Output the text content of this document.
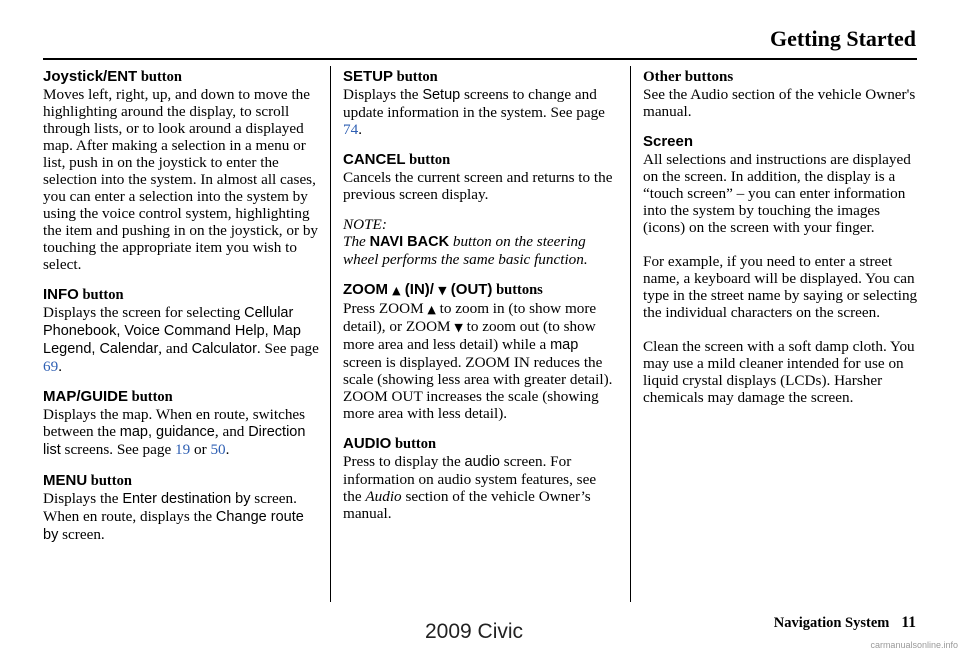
Getting Started
Joystick/ENT button

Moves left, right, up, and down to move the highlighting around the display, to scroll through lists, or to look around a displayed map. After making a selection in a menu or list, push in on the joystick to enter the selection into the system. In almost all cases, you can enter a selection into the system by using the voice control system, highlighting the item and pushing in on the joystick, or by touching the appropriate item you wish to select.

INFO button

Displays the screen for selecting Cellular Phonebook, Voice Command Help, Map Legend, Calendar, and Calculator. See page 69.

MAP/GUIDE button

Displays the map. When en route, switches between the map, guidance, and Direction list screens. See page 19 or 50.

MENU button

Displays the Enter destination by screen. When en route, displays the Change route by screen.

SETUP button

Displays the Setup screens to change and update information in the system. See page 74.

CANCEL button

Cancels the current screen and returns to the previous screen display.

NOTE:

The NAVI BACK button on the steering wheel performs the same basic function.

ZOOM ▲ (IN)/ ▼ (OUT) buttons

Press ZOOM ▲ to zoom in (to show more detail), or ZOOM ▼ to zoom out (to show more area and less detail) while a map screen is displayed. ZOOM IN reduces the scale (showing less area with greater detail). ZOOM OUT increases the scale (showing more area with less detail).

AUDIO button

Press to display the audio screen. For information on audio system features, see the Audio section of the vehicle Owner’s manual.

Other buttons

See the Audio section of the vehicle Owner's manual.

Screen

All selections and instructions are displayed on the screen. In addition, the display is a “touch screen” – you can enter information into the system by touching the images (icons) on the screen with your finger.

For example, if you need to enter a street name, a keyboard will be displayed. You can type in the street name by saying or selecting the individual characters on the screen.

Clean the screen with a soft damp cloth. You may use a mild cleaner intended for use on liquid crystal displays (LCDs). Harsher chemicals may damage the screen.

Navigation System 11
2009 Civic
carmanualsonline.info
